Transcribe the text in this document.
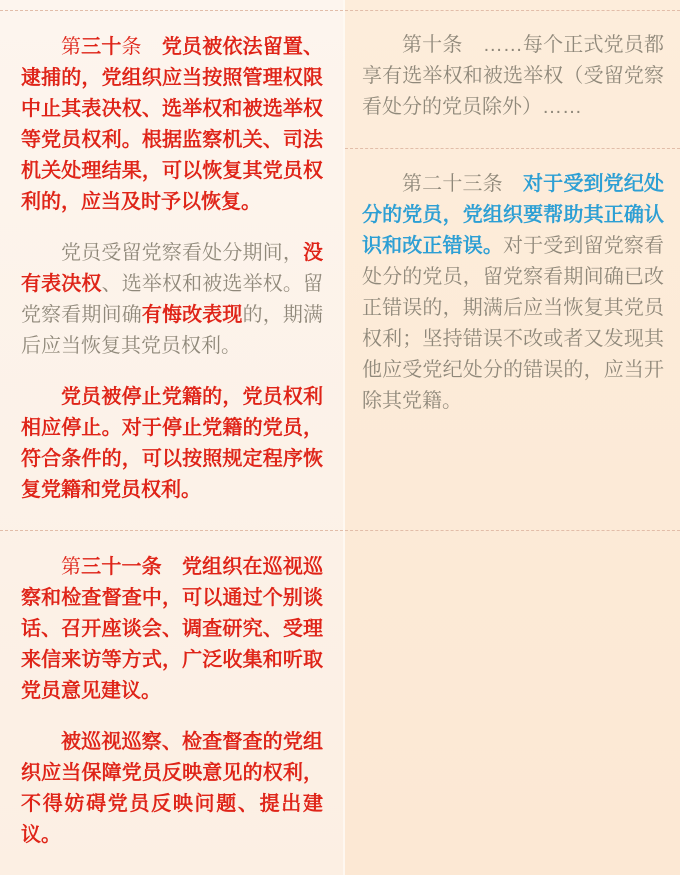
第三十条　 党员被依法留置、逮捕的，党组织应当按照管理权限中止其表决权、选举权和被选举权等党员权利。根据监察机关、司法机关处理结果，可以恢复其党员权利的，应当及时予以恢复。

党员受留党察看处分期间，没有表决权、选举权和被选举权。留党察看期间确有悔改表现的，期满后应当恢复其党员权利。

党员被停止党籍的，党员权利相应停止。对于停止党籍的党员，符合条件的，可以按照规定程序恢复党籍和党员权利。

第三十一条　 党组织在巡视巡察和检查督查中，可以通过个别谈话、召开座谈会、调查研究、受理来信来访等方式，广泛收集和听取党员意见建议。

被巡视巡察、检查督查的党组织应当保障党员反映意见的权利，不得妨碍党员反映问题、提出建议。

第十条　 ……每个正式党员都享有选举权和被选举权（受留党察看处分的党员除外）……

第二十三条　 对于受到党纪处分的党员，党组织要帮助其正确认识和改正错误。对于受到留党察看处分的党员，留党察看期间确已改正错误的，期满后应当恢复其党员权利；坚持错误不改或者又发现其他应受党纪处分的错误的，应当开除其党籍。
